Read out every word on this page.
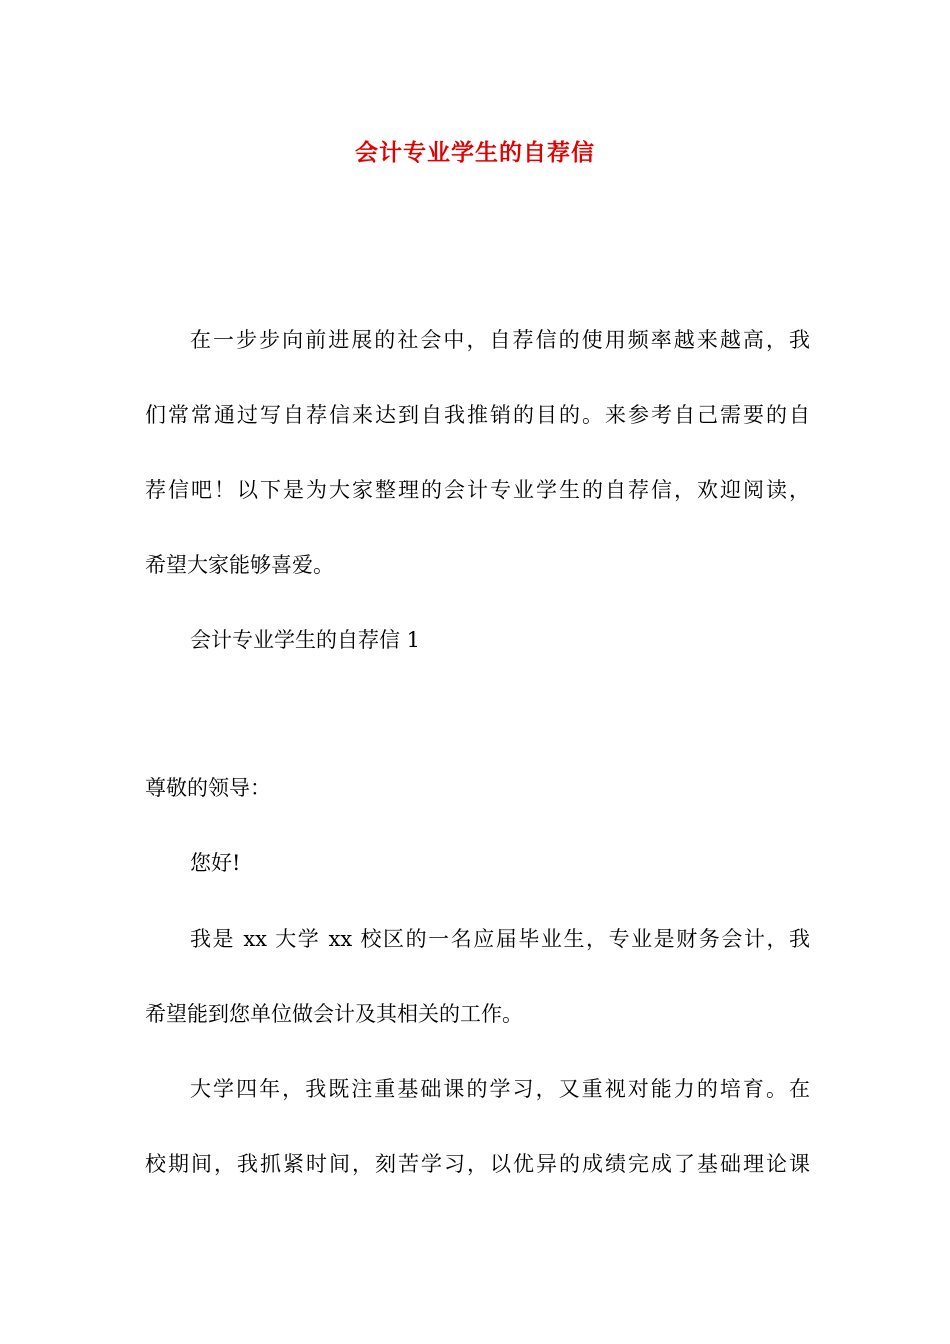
会计专业学生的自荐信
在一步步向前进展的社会中，自荐信的使用频率越来越高，我
们常常通过写自荐信来达到自我推销的目的。来参考自己需要的自
荐信吧！以下是为大家整理的会计专业学生的自荐信，欢迎阅读，
希望大家能够喜爱。
会计专业学生的自荐信 1
尊敬的领导：
您好!
我是 xx 大学 xx 校区的一名应届毕业生，专业是财务会计，我
希望能到您单位做会计及其相关的工作。
大学四年，我既注重基础课的学习，又重视对能力的培育。在
校期间，我抓紧时间，刻苦学习，以优异的成绩完成了基础理论课
